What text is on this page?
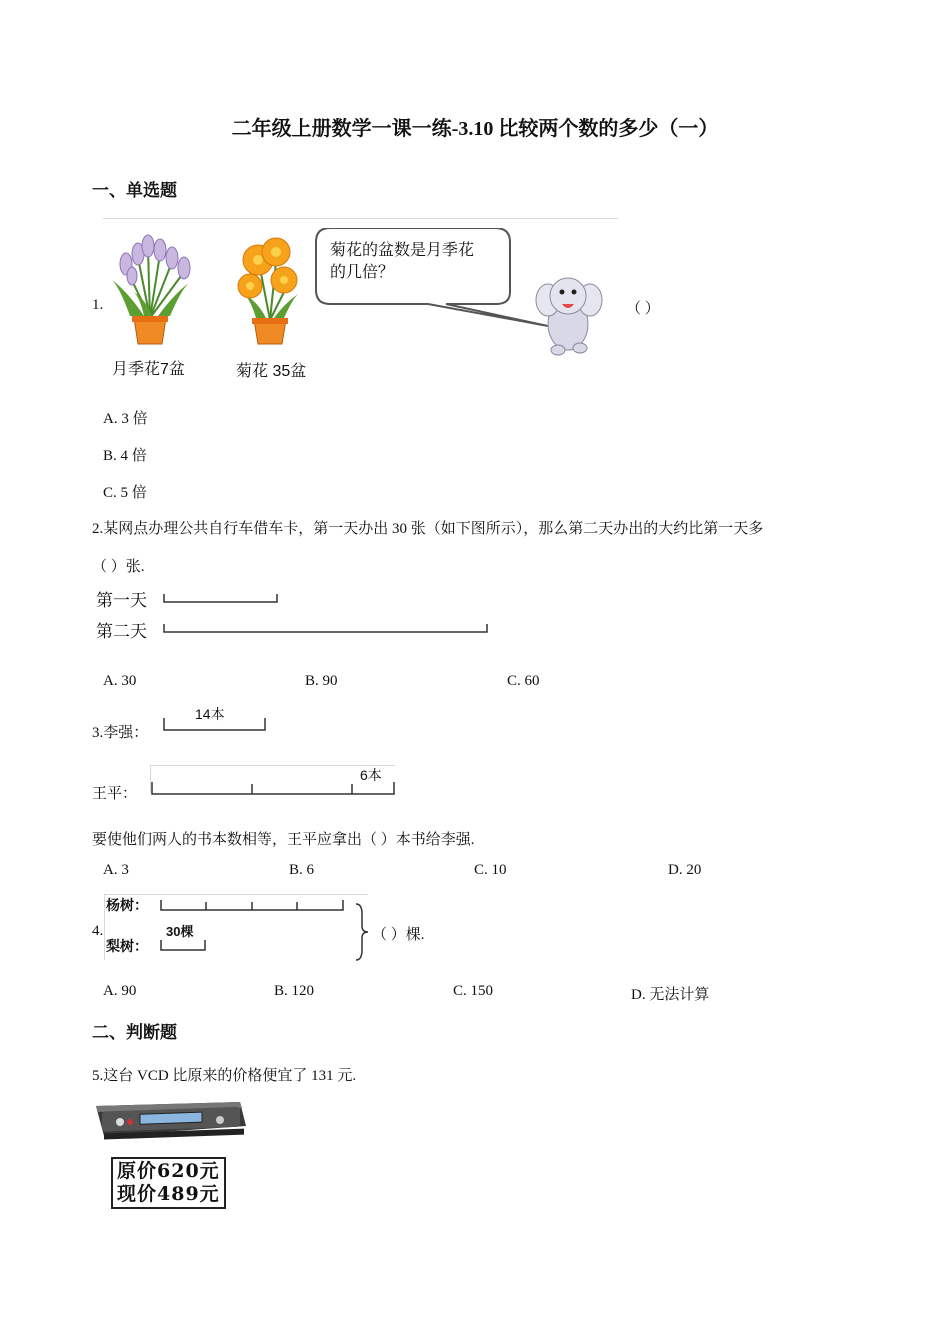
二年级上册数学一课一练-3.10 比较两个数的多少（一）
一、单选题
1.
菊花的盆数是月季花
的几倍？
月季花7盆	菊花 35盆
（ ）
A. 3 倍
B. 4 倍
C. 5 倍
2.某网点办理公共自行车借车卡，第一天办出 30 张（如下图所示），那么第二天办出的大约比第一天多
（ ）张.
第一天
第二天
A. 30	B. 90	C. 60
3.李强：
14本
王平：
6本
要使他们两人的书本数相等，王平应拿出（ ）本书给李强.
A. 3	B. 6	C. 10	D. 20
4.
杨树：
30棵
梨树：
（ ）棵.
A. 90	B. 120	C. 150	D. 无法计算
二、判断题
5.这台 VCD 比原来的价格便宜了 131 元.
原价620元
现价489元
